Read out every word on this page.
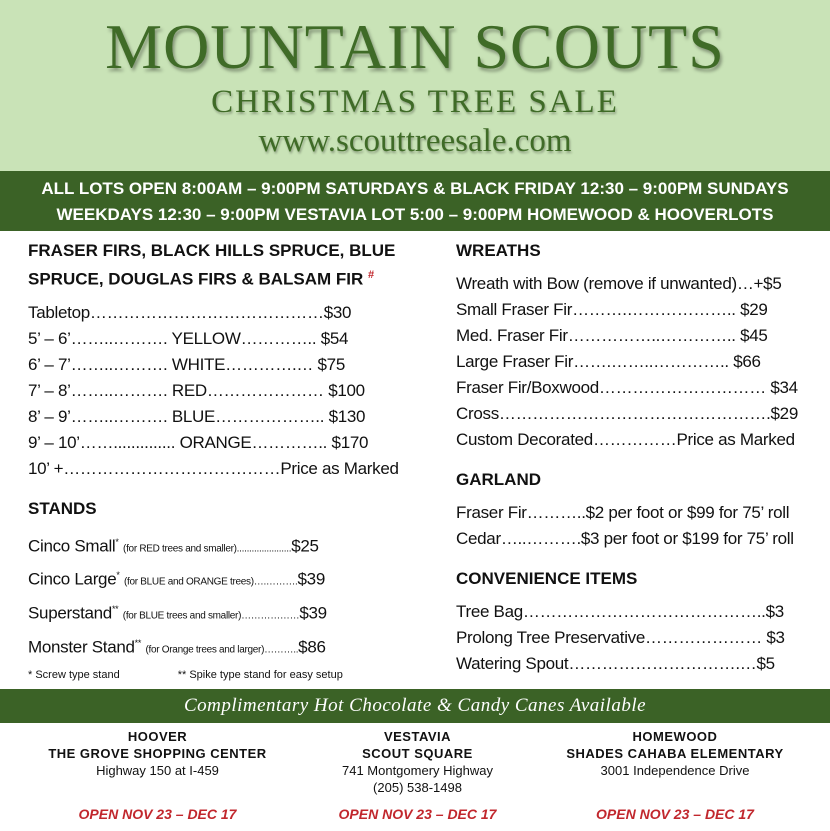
MOUNTAIN SCOUTS
CHRISTMAS TREE SALE
www.scouttreesale.com
ALL LOTS OPEN 8:00AM – 9:00PM SATURDAYS & BLACK FRIDAY 12:30 – 9:00PM SUNDAYS
WEEKDAYS 12:30 – 9:00PM VESTAVIA LOT 5:00 – 9:00PM HOMEWOOD & HOOVERLOTS
FRASER FIRS, BLACK HILLS SPRUCE, BLUE
SPRUCE, DOUGLAS FIRS & BALSAM FIR #
Tabletop……………………………………$30
5’ – 6’……..………. YELLOW………….. $54
6’ – 7’……..………. WHITE………….… $75
7’ – 8’……..………. RED………………… $100
8’ – 9’……..………. BLUE……………….. $130
9’ – 10’…….............. ORANGE………….. $170
10’ +…………………………………Price as Marked
STANDS
Cinco Small* (for RED trees and smaller)......................$25
Cinco Large* (for BLUE and ORANGE trees)….……….$39
Superstand** (for BLUE trees and smaller)………………$39
Monster Stand** (for Orange trees and larger)………..$86
* Screw type stand	** Spike type stand for easy setup
WREATHS
Wreath with Bow (remove if unwanted)…+$5
Small Fraser Fir……….……………….. $29
Med. Fraser Fir……………..………….. $45
Large Fraser Fir…….……..………….. $66
Fraser Fir/Boxwood………………………… $34
Cross………………………………………….$29
Custom Decorated……………Price as Marked
GARLAND
Fraser Fir………..$2 per foot or $99 for 75’ roll
Cedar…..……….$3 per foot or $199 for 75’ roll
CONVENIENCE ITEMS
Tree Bag……………………………………..$3
Prolong Tree Preservative………………… $3
Watering Spout………………………….…$5
Complimentary Hot Chocolate & Candy Canes Available
HOOVER
THE GROVE SHOPPING CENTER
Highway 150 at I-459
OPEN NOV 23 – DEC 17
VESTAVIA
SCOUT SQUARE
741 Montgomery Highway
(205) 538-1498
OPEN NOV 23 – DEC 17
HOMEWOOD
SHADES CAHABA ELEMENTARY
3001 Independence Drive
OPEN NOV 23 – DEC 17
